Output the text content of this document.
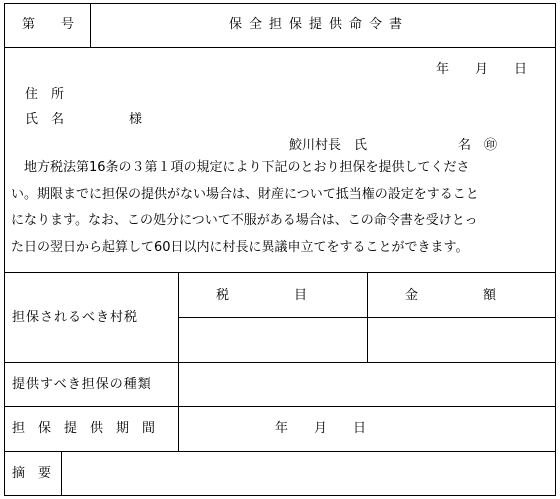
第　　号	保全担保提供命令書
年　　月　　日
住　所
氏　名　　　　　様
鮫川村長　氏　　　　　　　名　㊞
　地方税法第16条の３第１項の規定により下記のとおり担保を提供してくださ
い。期限までに担保の提供がない場合は、財産について抵当権の設定をすること
になります。なお、この処分について不服がある場合は、この命令書を受けとっ
た日の翌日から起算して60日以内に村長に異議申立てをすることができます。
担保されるべき村税
税　　　　　目	金　　　　　額
提供すべき担保の種類
担　保　提　供　期　間	年　　月　　日
摘　要
